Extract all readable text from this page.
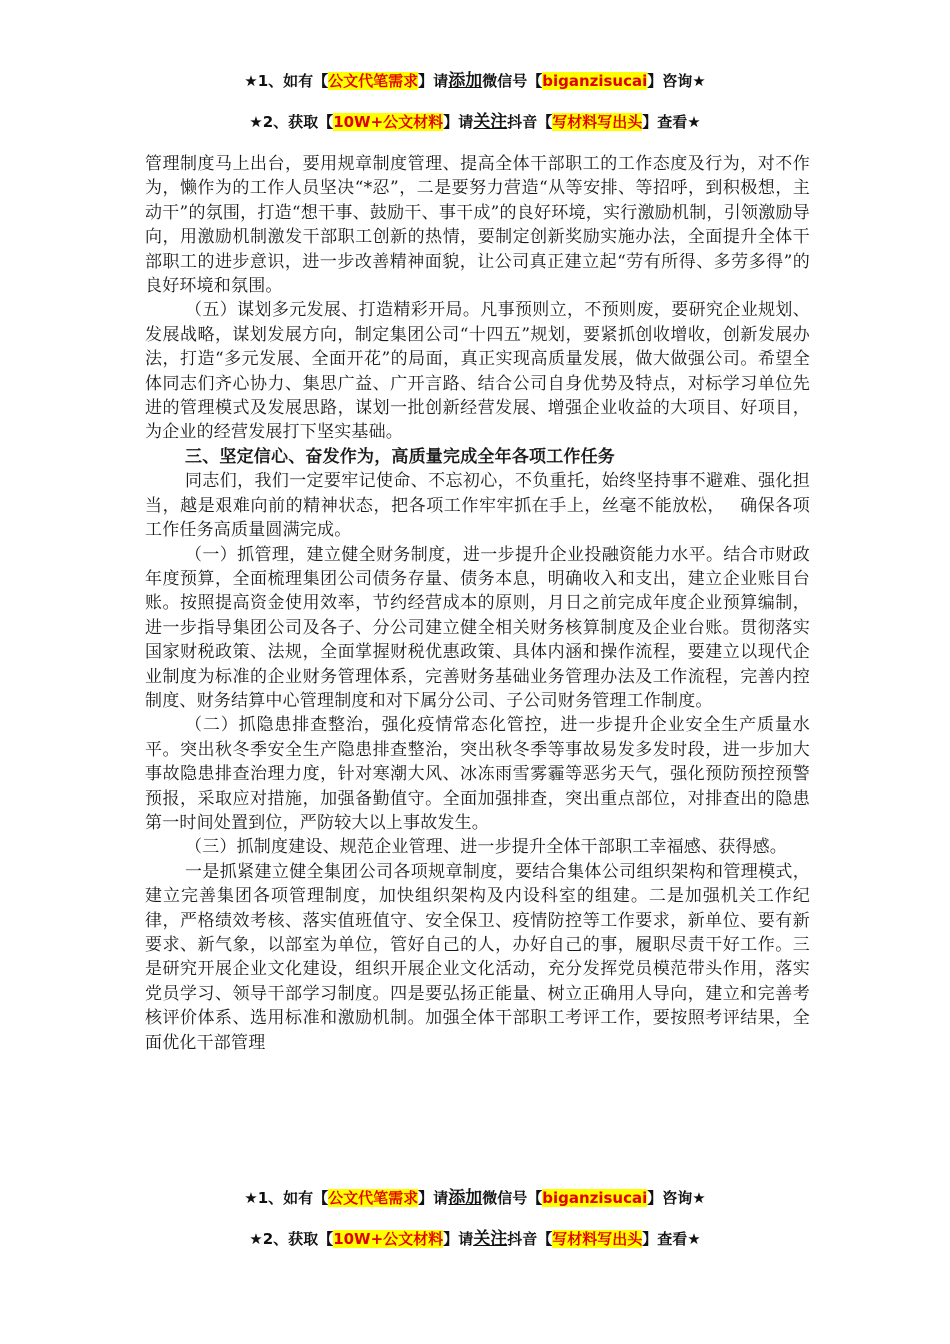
★1、如有【公文代笔需求】请添加微信号【biganzisucai】咨询★
★2、获取【10W+公文材料】请关注抖音【写材料写出头】查看★

管理制度马上出台，要用规章制度管理、提高全体干部职工的工作态度及行为，对不作为，懒作为的工作人员坚决“*忍”，二是要努力营造“从等安排、等招呼，到积极想，主动干”的氛围，打造“想干事、鼓励干、事干成”的良好环境，实行激励机制，引领激励导向，用激励机制激发干部职工创新的热情，要制定创新奖励实施办法，全面提升全体干部职工的进步意识，进一步改善精神面貌，让公司真正建立起“劳有所得、多劳多得”的良好环境和氛围。

（五）谋划多元发展、打造精彩开局。凡事预则立，不预则废，要研究企业规划、发展战略，谋划发展方向，制定集团公司“十四五”规划，要紧抓创收增收，创新发展办法，打造“多元发展、全面开花”的局面，真正实现高质量发展，做大做强公司。希望全体同志们齐心协力、集思广益、广开言路、结合公司自身优势及特点，对标学习单位先进的管理模式及发展思路，谋划一批创新经营发展、增强企业收益的大项目、好项目，为企业的经营发展打下坚实基础。

三、坚定信心、奋发作为，高质量完成全年各项工作任务

同志们，我们一定要牢记使命、不忘初心，不负重托，始终坚持事不避难、强化担当，越是艰难向前的精神状态，把各项工作牢牢抓在手上，丝毫不能放松，　 确保各项工作任务高质量圆满完成。

（一）抓管理，建立健全财务制度，进一步提升企业投融资能力水平。结合市财政年度预算，全面梳理集团公司债务存量、债务本息，明确收入和支出，建立企业账目台账。按照提高资金使用效率，节约经营成本的原则，月日之前完成年度企业预算编制，进一步指导集团公司及各子、分公司建立健全相关财务核算制度及企业台账。贯彻落实国家财税政策、法规，全面掌握财税优惠政策、具体内涵和操作流程，要建立以现代企业制度为标准的企业财务管理体系，完善财务基础业务管理办法及工作流程，完善内控制度、财务结算中心管理制度和对下属分公司、子公司财务管理工作制度。

（二）抓隐患排查整治，强化疫情常态化管控，进一步提升企业安全生产质量水平。突出秋冬季安全生产隐患排查整治，突出秋冬季等事故易发多发时段，进一步加大事故隐患排查治理力度，针对寒潮大风、冰冻雨雪雾霾等恶劣天气，强化预防预控预警预报，采取应对措施，加强备勤值守。全面加强排查，突出重点部位，对排查出的隐患第一时间处置到位，严防较大以上事故发生。

（三）抓制度建设、规范企业管理、进一步提升全体干部职工幸福感、获得感。

一是抓紧建立健全集团公司各项规章制度，要结合集体公司组织架构和管理模式，建立完善集团各项管理制度，加快组织架构及内设科室的组建。二是加强机关工作纪律，严格绩效考核、落实值班值守、安全保卫、疫情防控等工作要求，新单位、要有新要求、新气象，以部室为单位，管好自己的人，办好自己的事，履职尽责干好工作。三是研究开展企业文化建设，组织开展企业文化活动，充分发挥党员模范带头作用，落实党员学习、领导干部学习制度。四是要弘扬正能量、树立正确用人导向，建立和完善考核评价体系、选用标准和激励机制。加强全体干部职工考评工作，要按照考评结果，全面优化干部管理

★1、如有【公文代笔需求】请添加微信号【biganzisucai】咨询★
★2、获取【10W+公文材料】请关注抖音【写材料写出头】查看★
